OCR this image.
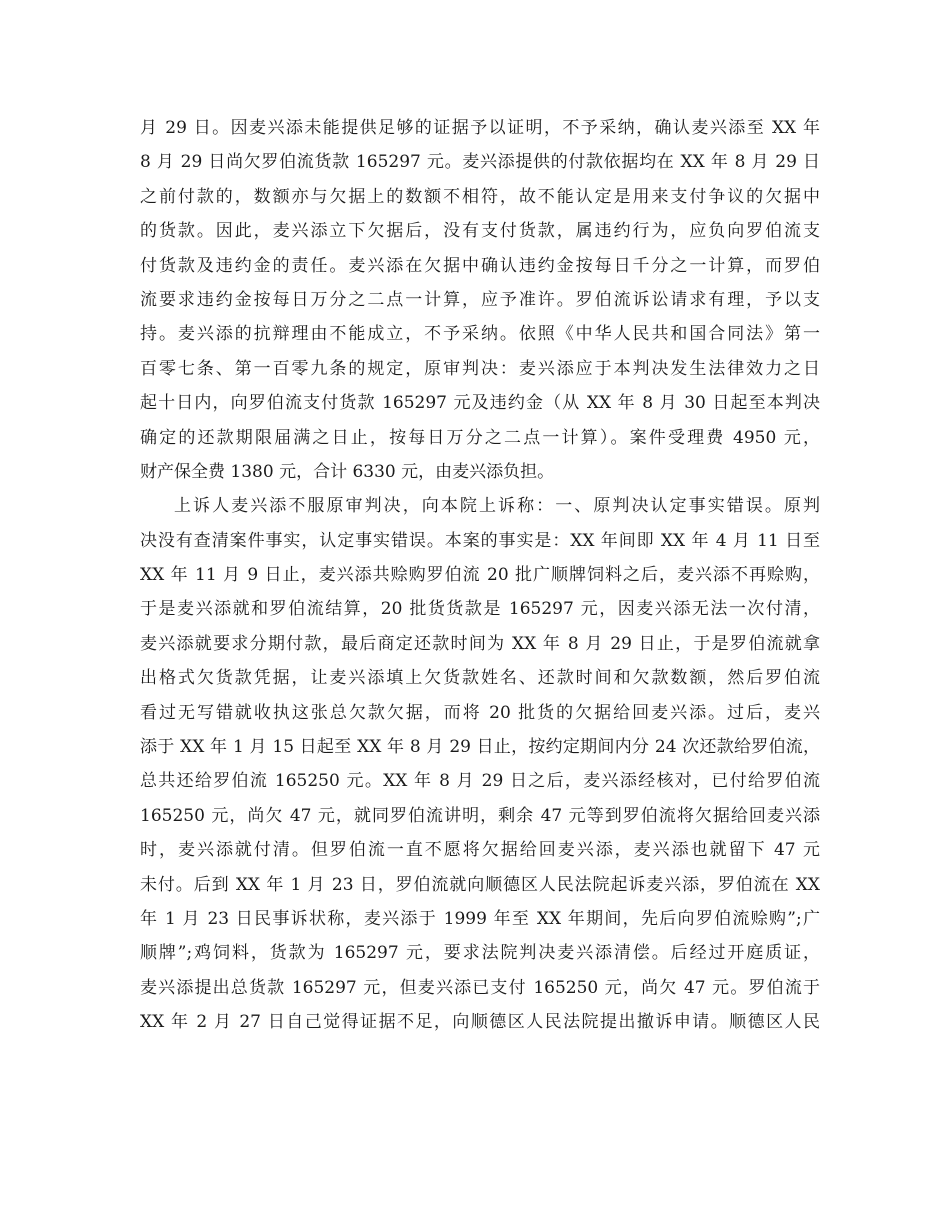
月 29 日。因麦兴添未能提供足够的证据予以证明，不予采纳，确认麦兴添至 XX 年
8 月 29 日尚欠罗伯流货款 165297 元。麦兴添提供的付款依据均在 XX 年 8 月 29 日
之前付款的，数额亦与欠据上的数额不相符，故不能认定是用来支付争议的欠据中
的货款。因此，麦兴添立下欠据后，没有支付货款，属违约行为，应负向罗伯流支
付货款及违约金的责任。麦兴添在欠据中确认违约金按每日千分之一计算，而罗伯
流要求违约金按每日万分之二点一计算，应予准许。罗伯流诉讼请求有理，予以支
持。麦兴添的抗辩理由不能成立，不予采纳。依照《中华人民共和国合同法》第一
百零七条、第一百零九条的规定，原审判决：麦兴添应于本判决发生法律效力之日
起十日内，向罗伯流支付货款 165297 元及违约金（从 XX 年 8 月 30 日起至本判决
确定的还款期限届满之日止，按每日万分之二点一计算）。案件受理费 4950 元，
财产保全费 1380 元，合计 6330 元，由麦兴添负担。
上诉人麦兴添不服原审判决，向本院上诉称：一、原判决认定事实错误。原判
决没有查清案件事实，认定事实错误。本案的事实是：XX 年间即 XX 年 4 月 11 日至
XX 年 11 月 9 日止，麦兴添共赊购罗伯流 20 批广顺牌饲料之后，麦兴添不再赊购，
于是麦兴添就和罗伯流结算，20 批货货款是 165297 元，因麦兴添无法一次付清，
麦兴添就要求分期付款，最后商定还款时间为 XX 年 8 月 29 日止，于是罗伯流就拿
出格式欠货款凭据，让麦兴添填上欠货款姓名、还款时间和欠款数额，然后罗伯流
看过无写错就收执这张总欠款欠据，而将 20 批货的欠据给回麦兴添。过后，麦兴
添于 XX 年 1 月 15 日起至 XX 年 8 月 29 日止，按约定期间内分 24 次还款给罗伯流，
总共还给罗伯流 165250 元。XX 年 8 月 29 日之后，麦兴添经核对，已付给罗伯流
165250 元，尚欠 47 元，就同罗伯流讲明，剩余 47 元等到罗伯流将欠据给回麦兴添
时，麦兴添就付清。但罗伯流一直不愿将欠据给回麦兴添，麦兴添也就留下 47 元
未付。后到 XX 年 1 月 23 日，罗伯流就向顺德区人民法院起诉麦兴添，罗伯流在 XX
年 1 月 23 日民事诉状称，麦兴添于 1999 年至 XX 年期间，先后向罗伯流赊购”;广
顺牌”;鸡饲料，货款为 165297 元，要求法院判决麦兴添清偿。后经过开庭质证，
麦兴添提出总货款 165297 元，但麦兴添已支付 165250 元，尚欠 47 元。罗伯流于
XX 年 2 月 27 日自己觉得证据不足，向顺德区人民法院提出撤诉申请。顺德区人民
